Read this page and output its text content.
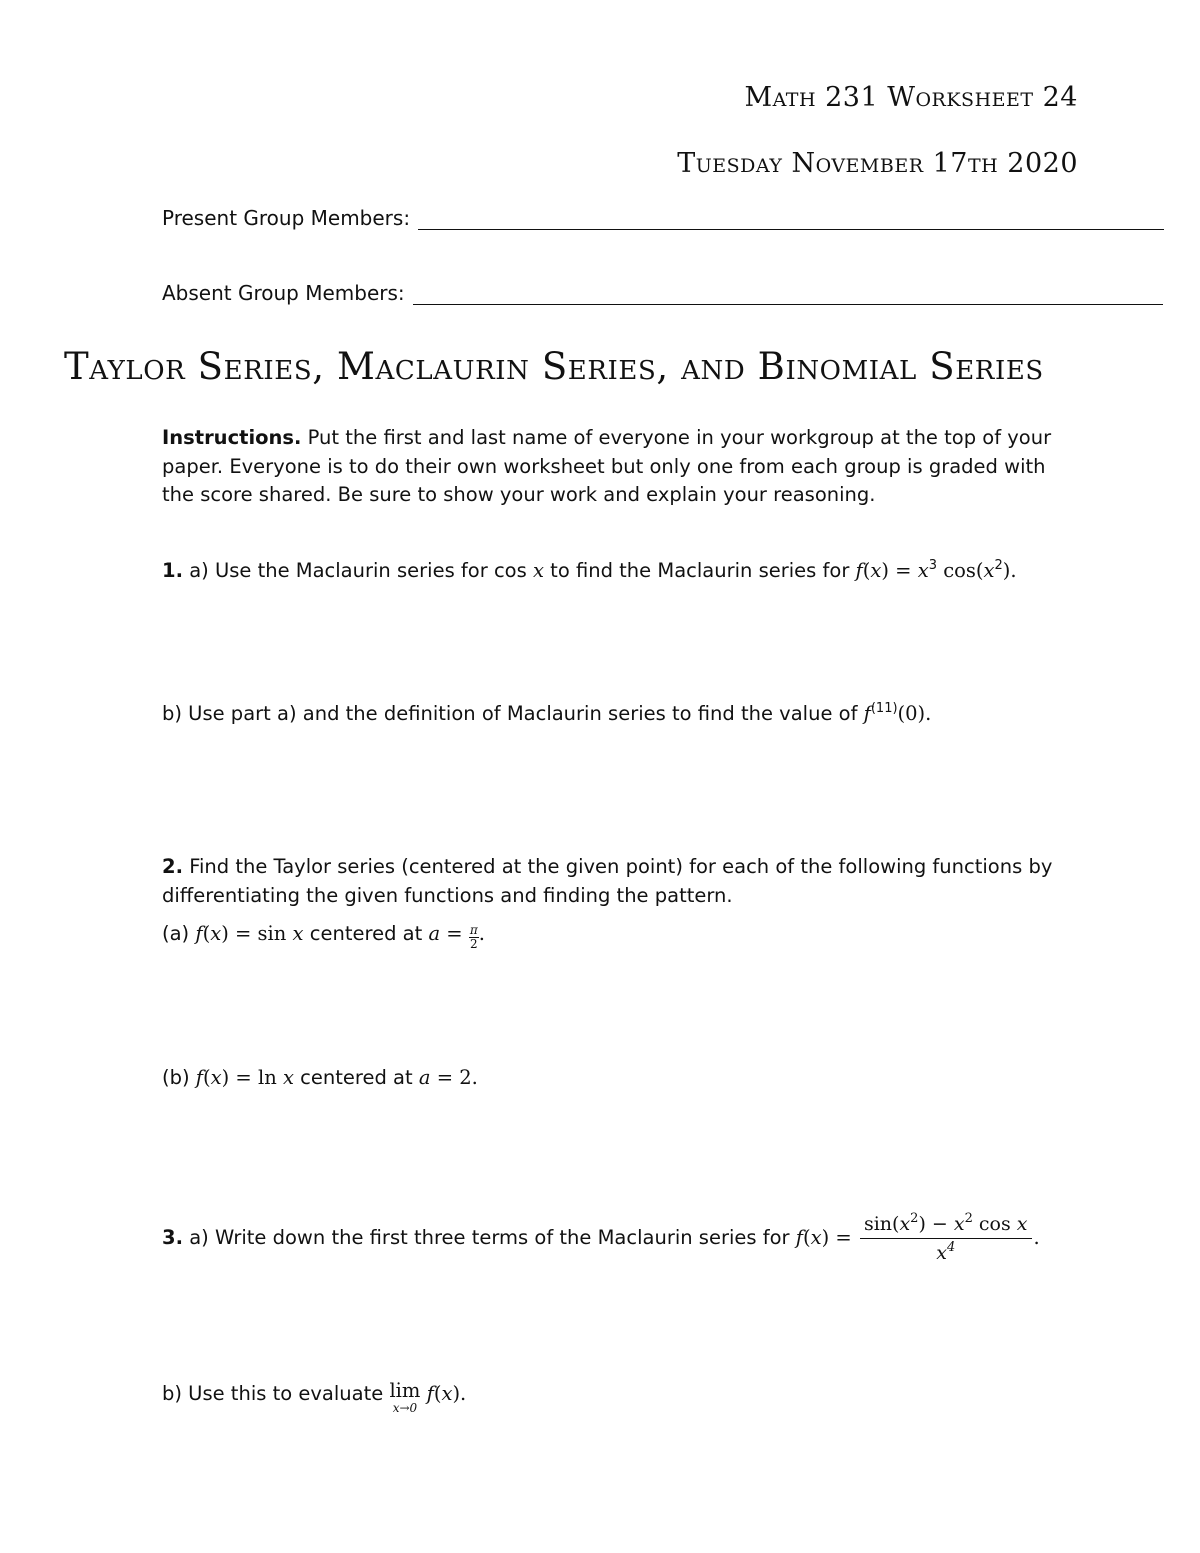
Math 231 Worksheet 24
Tuesday November 17th 2020
Present Group Members:
Absent Group Members:
Taylor Series, Maclaurin Series, and Binomial Series
Instructions. Put the first and last name of everyone in your workgroup at the top of your paper. Everyone is to do their own worksheet but only one from each group is graded with the score shared. Be sure to show your work and explain your reasoning.
1. a) Use the Maclaurin series for cos x to find the Maclaurin series for $f(x) = x^3$ $\cos(x^2)$.
b) Use part a) and the definition of Maclaurin series to find the value of $f^{(11)}(0)$.
2. Find the Taylor series (centered at the given point) for each of the following functions by differentiating the given functions and finding the pattern.
(a) f(x) = sin x centered at $a = \frac{\pi}{2}$ .
(b) f(x) = ln x centered at a = 2.
3. a) Write down the first three terms of the Maclaurin series for $f(x) = \frac{\sin(x^2) - x^2 \cos x}{x^4}$ .
b) Use this to evaluate lim
x→0
f(x).
